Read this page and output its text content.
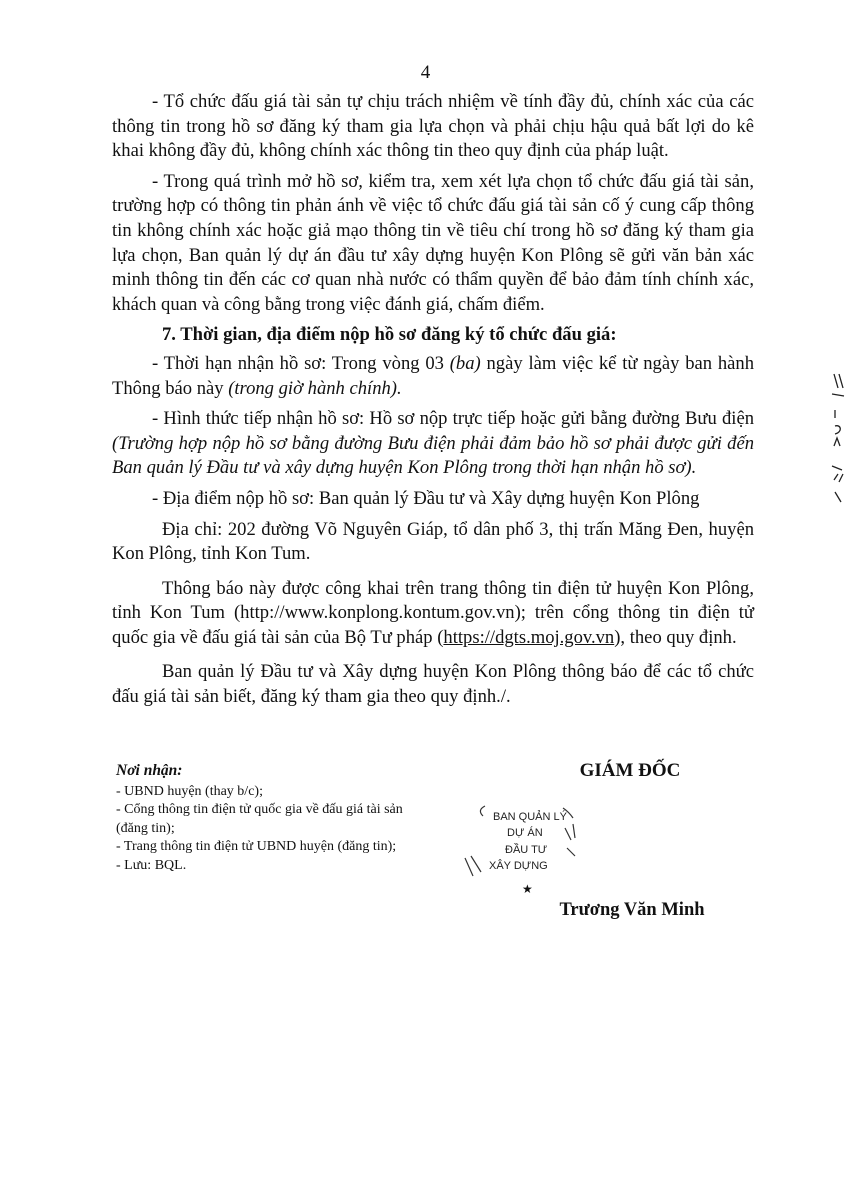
4

- Tổ chức đấu giá tài sản tự chịu trách nhiệm về tính đầy đủ, chính xác của các thông tin trong hồ sơ đăng ký tham gia lựa chọn và phải chịu hậu quả bất lợi do kê khai không đầy đủ, không chính xác thông tin theo quy định của pháp luật.

- Trong quá trình mở hồ sơ, kiểm tra, xem xét lựa chọn tổ chức đấu giá tài sản, trường hợp có thông tin phản ánh về việc tổ chức đấu giá tài sản cố ý cung cấp thông tin không chính xác hoặc giả mạo thông tin về tiêu chí trong hồ sơ đăng ký tham gia lựa chọn, Ban quản lý dự án đầu tư xây dựng huyện Kon Plông sẽ gửi văn bản xác minh thông tin đến các cơ quan nhà nước có thẩm quyền để bảo đảm tính chính xác, khách quan và công bằng trong việc đánh giá, chấm điểm.

7. Thời gian, địa điểm nộp hồ sơ đăng ký tổ chức đấu giá:

- Thời hạn nhận hồ sơ: Trong vòng 03 (ba) ngày làm việc kể từ ngày ban hành Thông báo này (trong giờ hành chính).

- Hình thức tiếp nhận hồ sơ: Hồ sơ nộp trực tiếp hoặc gửi bằng đường Bưu điện (Trường hợp nộp hồ sơ bằng đường Bưu điện phải đảm bảo hồ sơ phải được gửi đến Ban quản lý Đầu tư và xây dựng huyện Kon Plông trong thời hạn nhận hồ sơ).

- Địa điểm nộp hồ sơ: Ban quản lý Đầu tư và Xây dựng huyện Kon Plông

Địa chỉ: 202 đường Võ Nguyên Giáp, tổ dân phố 3, thị trấn Măng Đen, huyện Kon Plông, tỉnh Kon Tum.

Thông báo này được công khai trên trang thông tin điện tử huyện Kon Plông, tỉnh Kon Tum (http://www.konplong.kontum.gov.vn); trên cổng thông tin điện tử quốc gia về đấu giá tài sản của Bộ Tư pháp (https://dgts.moj.gov.vn), theo quy định.

Ban quản lý Đầu tư và Xây dựng huyện Kon Plông thông báo để các tổ chức đấu giá tài sản biết, đăng ký tham gia theo quy định./.

Nơi nhận:
- UBND huyện (thay b/c);
- Cổng thông tin điện tử quốc gia về đấu giá tài sản (đăng tin);
- Trang thông tin điện tử UBND huyện (đăng tin);
- Lưu: BQL.
GIÁM ĐỐC
BAN QUẢN LÝ
DỰ ÁN
ĐẦU TƯ
XÂY DỰNG
★
Trương Văn Minh
